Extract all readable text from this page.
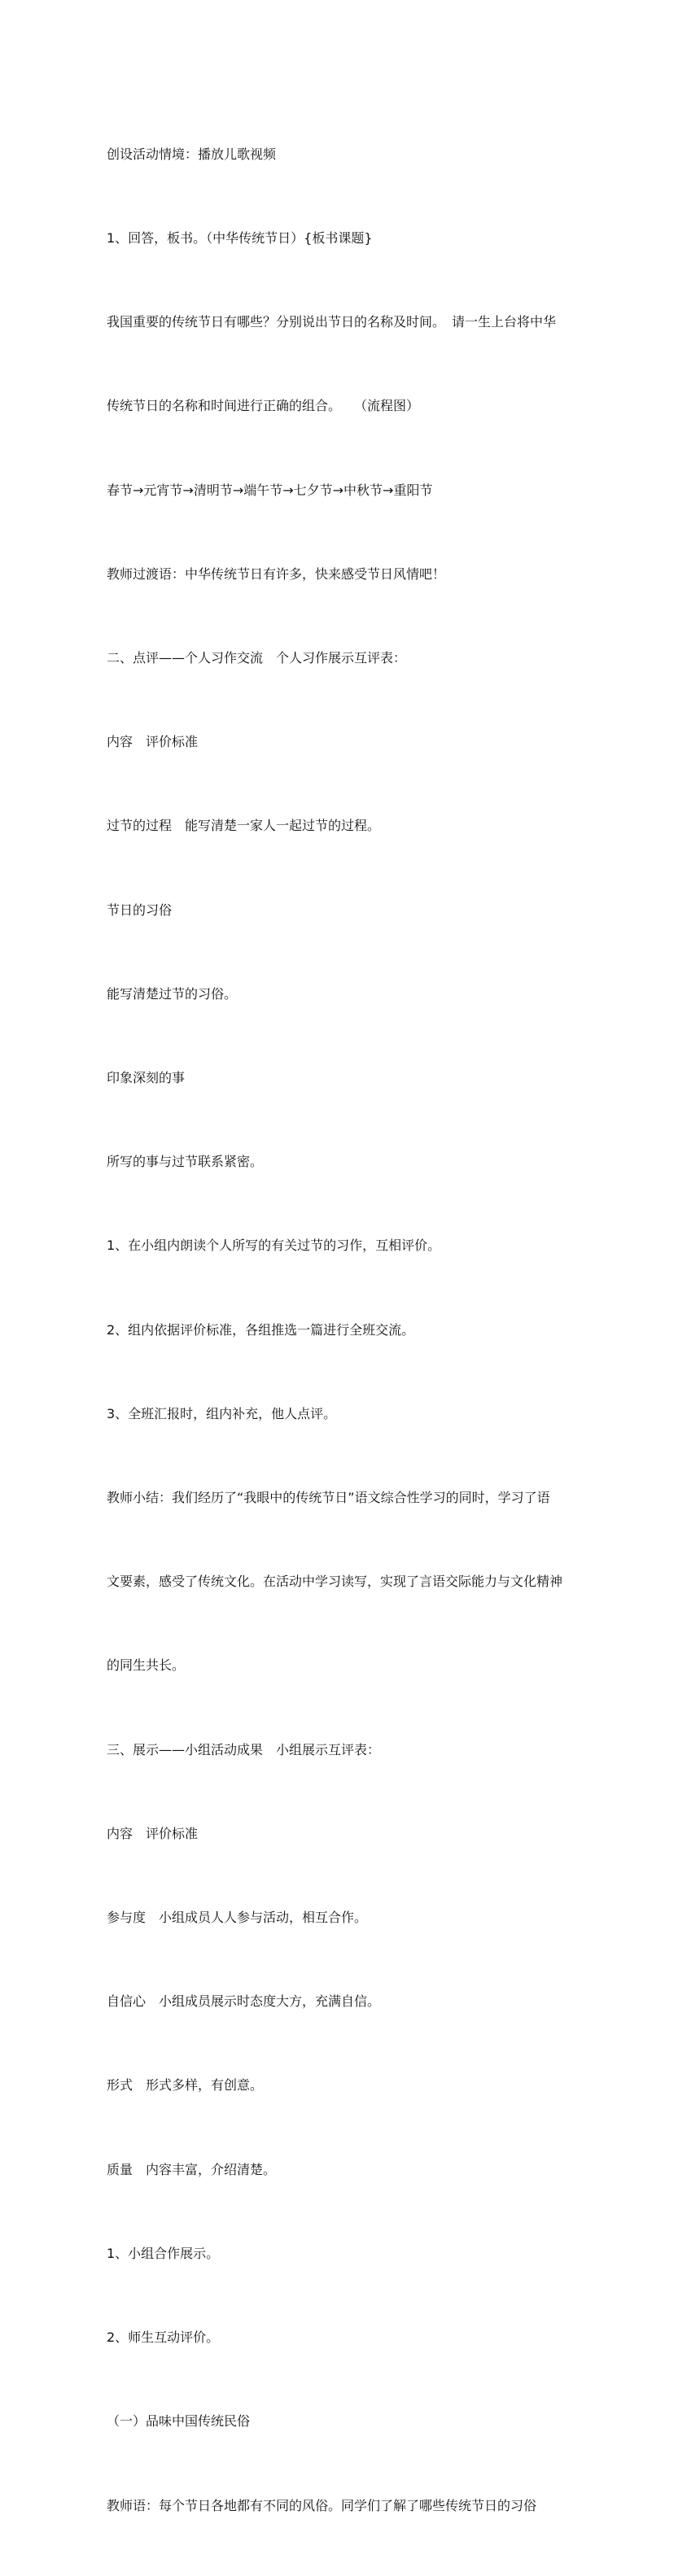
创设活动情境：播放儿歌视频

1、回答，板书。（中华传统节日）{板书课题}

我国重要的传统节日有哪些？分别说出节日的名称及时间。　请一生上台将中华

传统节日的名称和时间进行正确的组合。　　（流程图）

春节→元宵节→清明节→端午节→七夕节→中秋节→重阳节

教师过渡语：中华传统节日有许多，快来感受节日风情吧！

二、点评——个人习作交流　个人习作展示互评表：

内容　评价标准

过节的过程　能写清楚一家人一起过节的过程。

节日的习俗

能写清楚过节的习俗。

印象深刻的事

所写的事与过节联系紧密。

1、在小组内朗读个人所写的有关过节的习作，互相评价。

2、组内依据评价标准，各组推选一篇进行全班交流。

3、全班汇报时，组内补充，他人点评。

教师小结：我们经历了“我眼中的传统节日”语文综合性学习的同时，学习了语

文要素，感受了传统文化。在活动中学习读写，实现了言语交际能力与文化精神

的同生共长。

三、展示——小组活动成果　小组展示互评表：

内容　评价标准

参与度　小组成员人人参与活动，相互合作。

自信心　小组成员展示时态度大方，充满自信。

形式　形式多样，有创意。

质量　内容丰富，介绍清楚。

1、小组合作展示。

2、师生互动评价。

（一）品味中国传统民俗

教师语：每个节日各地都有不同的风俗。同学们了解了哪些传统节日的习俗
